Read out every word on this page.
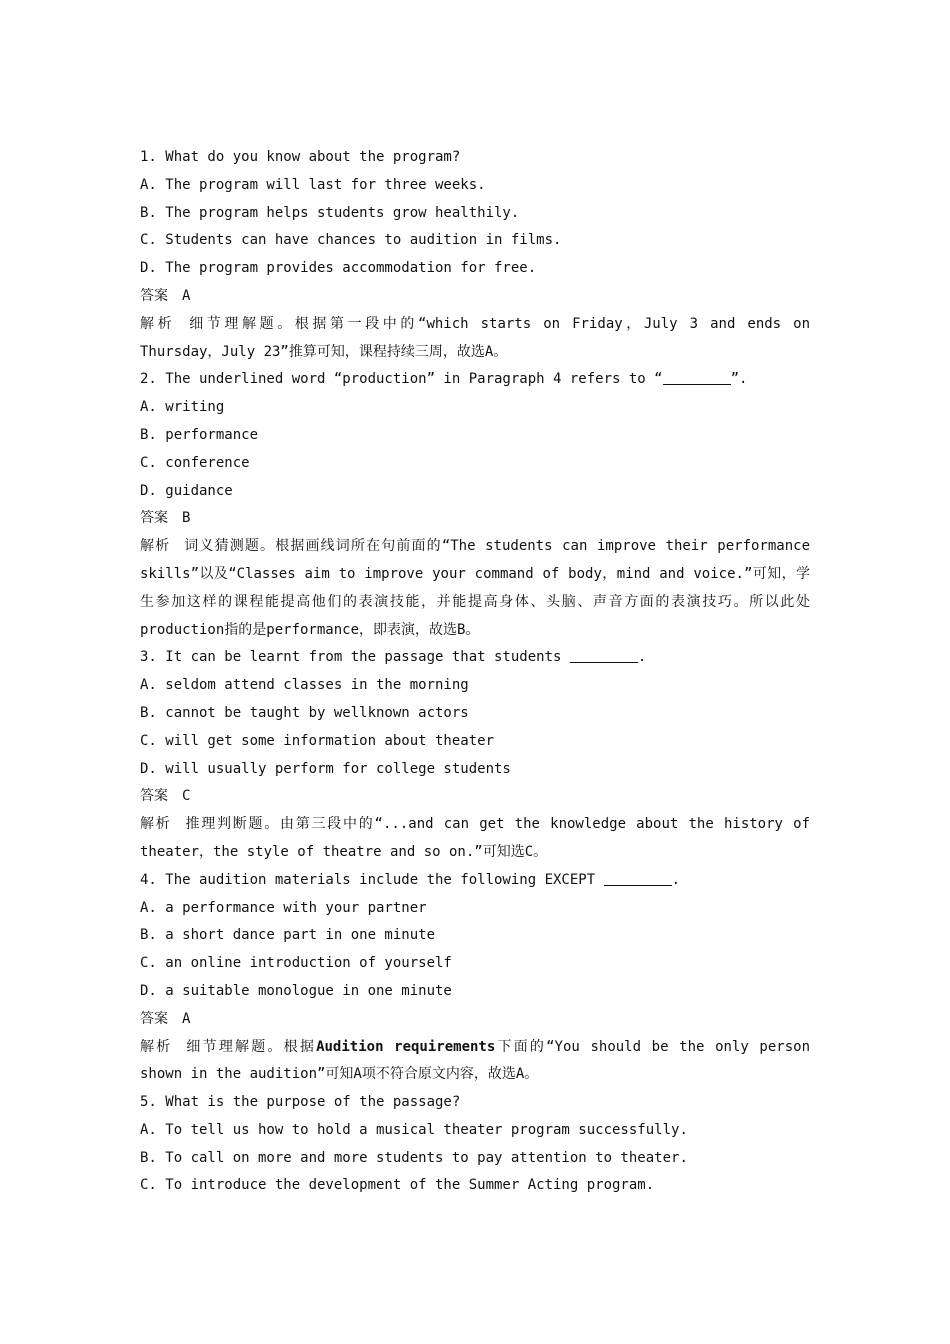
1. What do you know about the program?
A. The program will last for three weeks.
B. The program helps students grow healthily.
C. Students can have chances to audition in films.
D. The program provides accommodation for free.
答案 A
解析 细节理解题。根据第一段中的“which starts on Friday，July 3 and ends on Thursday，July 23”推算可知，课程持续三周，故选A。
2. The underlined word “production” in Paragraph 4 refers to “	”.
A. writing
B. performance
C. conference
D. guidance
答案 B
解析 词义猜测题。根据画线词所在句前面的“The students can improve their performance skills”以及“Classes aim to improve your command of body，mind and voice.”可知，学生参加这样的课程能提高他们的表演技能，并能提高身体、头脑、声音方面的表演技巧。所以此处production指的是performance，即表演，故选B。
3. It can be learnt from the passage that students	.
A. seldom attend classes in the morning
B. cannot be taught by wellknown actors
C. will get some information about theater
D. will usually perform for college students
答案 C
解析 推理判断题。由第三段中的“...and can get the knowledge about the history of theater，the style of theatre and so on.”可知选C。
4. The audition materials include the following EXCEPT	.
A. a performance with your partner
B. a short dance part in one minute
C. an online introduction of yourself
D. a suitable monologue in one minute
答案 A
解析 细节理解题。根据Audition requirements下面的“You should be the only person shown in the audition”可知A项不符合原文内容，故选A。
5. What is the purpose of the passage?
A. To tell us how to hold a musical theater program successfully.
B. To call on more and more students to pay attention to theater.
C. To introduce the development of the Summer Acting program.
